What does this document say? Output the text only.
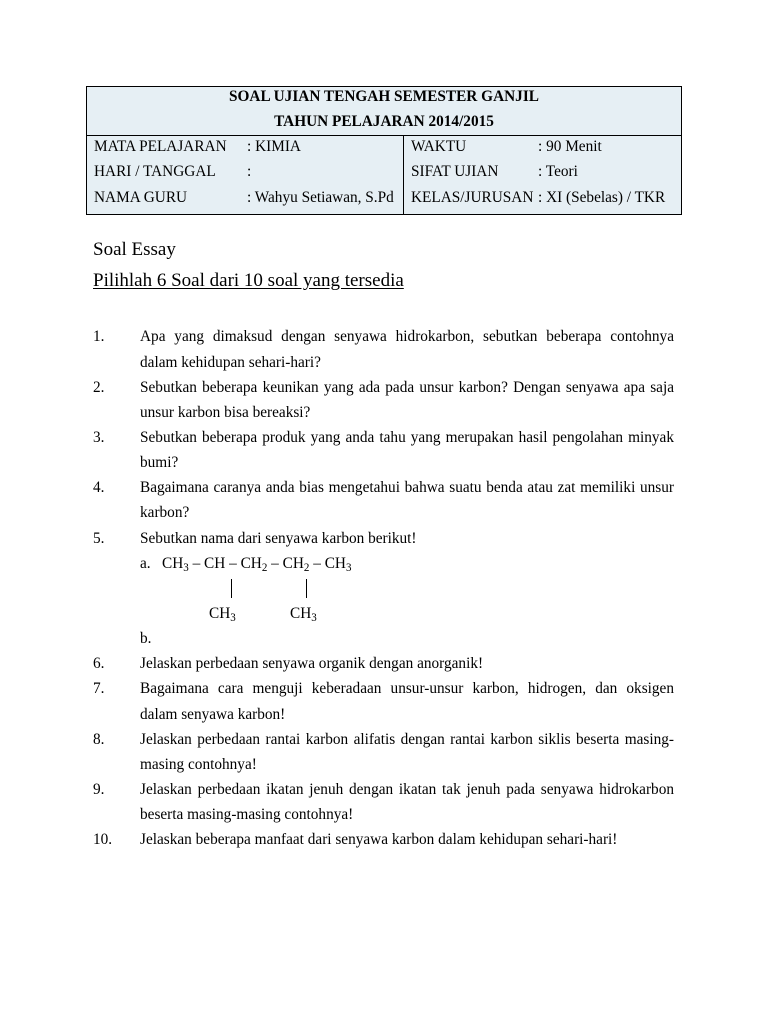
SOAL UJIAN TENGAH SEMESTER GANJIL
TAHUN PELAJARAN 2014/2015
MATA PELAJARAN : KIMIA	WAKTU	: 90 Menit
HARI / TANGGAL :	SIFAT UJIAN	: Teori
NAMA GURU	: Wahyu Setiawan, S.Pd KELAS/JURUSAN : XI (Sebelas) / TKR
Soal Essay
Pilihlah 6 Soal dari 10 soal yang tersedia
1. Apa yang dimaksud dengan senyawa hidrokarbon, sebutkan beberapa contohnya
dalam kehidupan sehari-hari?
2. Sebutkan beberapa keunikan yang ada pada unsur karbon? Dengan senyawa apa saja
unsur karbon bisa bereaksi?
3. Sebutkan beberapa produk yang anda tahu yang merupakan hasil pengolahan minyak
bumi?
4. Bagaimana caranya anda bias mengetahui bahwa suatu benda atau zat memiliki unsur
karbon?
5. Sebutkan nama dari senyawa karbon berikut!
a. $CH_3$ – CH – $CH_2 - CH_2 - CH_3$
$CH_3$	$CH_3$
b.
6. Jelaskan perbedaan senyawa organik dengan anorganik!
7. Bagaimana cara menguji keberadaan unsur-unsur karbon, hidrogen, dan oksigen
dalam senyawa karbon!
8. Jelaskan perbedaan rantai karbon alifatis dengan rantai karbon siklis beserta masing-
masing contohnya!
9. Jelaskan perbedaan ikatan jenuh dengan ikatan tak jenuh pada senyawa hidrokarbon
beserta masing-masing contohnya!
10. Jelaskan beberapa manfaat dari senyawa karbon dalam kehidupan sehari-hari!
